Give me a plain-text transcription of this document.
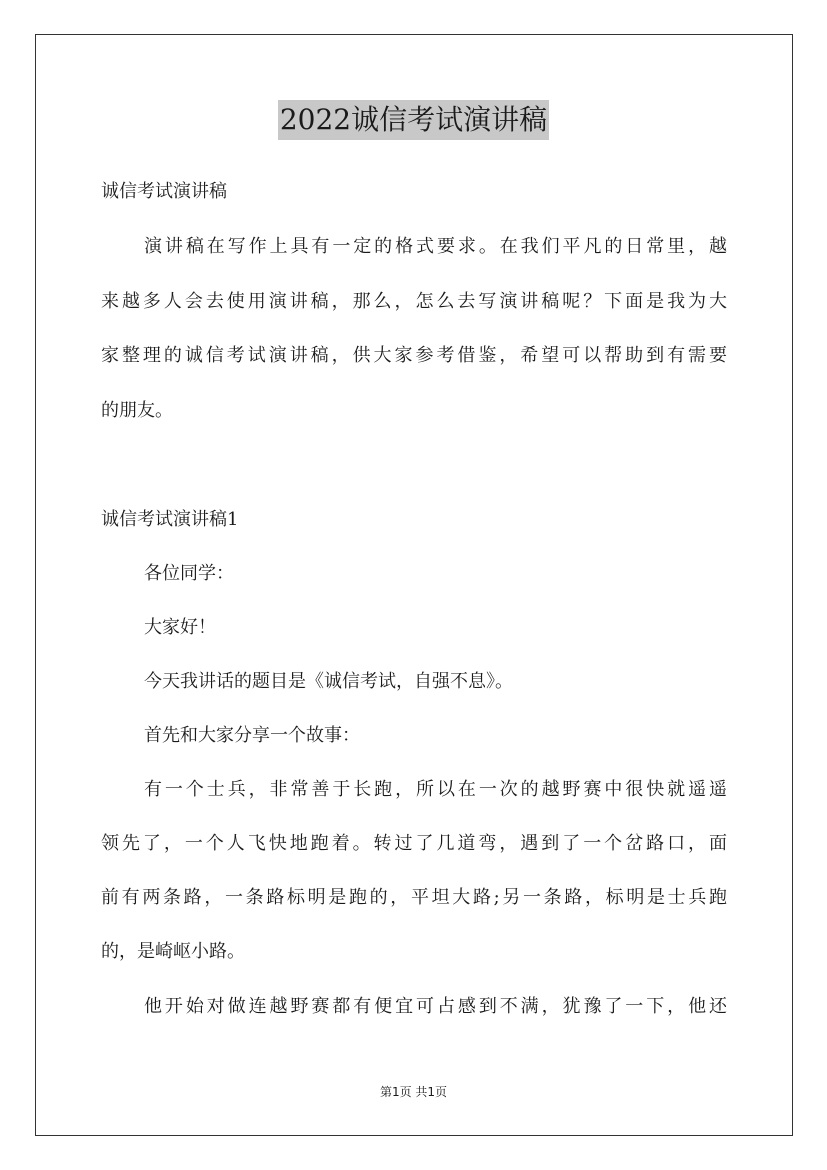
2022诚信考试演讲稿
诚信考试演讲稿
演讲稿在写作上具有一定的格式要求。在我们平凡的日常里，越
来越多人会去使用演讲稿，那么，怎么去写演讲稿呢？下面是我为大
家整理的诚信考试演讲稿，供大家参考借鉴，希望可以帮助到有需要
的朋友。
诚信考试演讲稿1
各位同学：
大家好！
今天我讲话的题目是《诚信考试，自强不息》。
首先和大家分享一个故事：
有一个士兵，非常善于长跑，所以在一次的越野赛中很快就遥遥
领先了，一个人飞快地跑着。转过了几道弯，遇到了一个岔路口，面
前有两条路，一条路标明是跑的，平坦大路;另一条路，标明是士兵跑
的，是崎岖小路。
他开始对做连越野赛都有便宜可占感到不满，犹豫了一下，他还
第1页 共1页
